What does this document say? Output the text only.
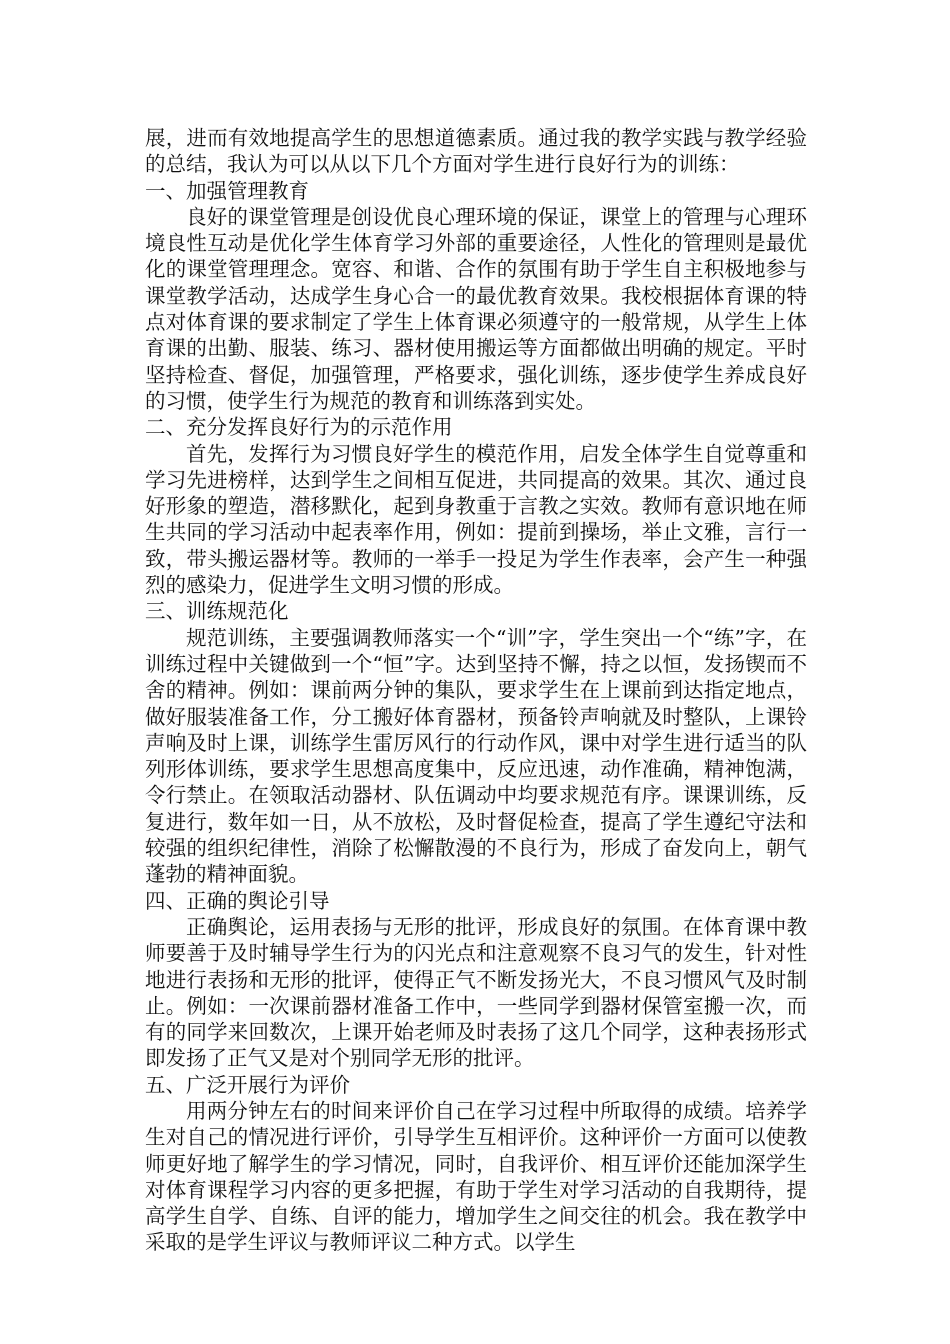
展，进而有效地提高学生的思想道德素质。通过我的教学实践与教学经验的总结，我认为可以从以下几个方面对学生进行良好行为的训练：

一、加强管理教育

良好的课堂管理是创设优良心理环境的保证，课堂上的管理与心理环境良性互动是优化学生体育学习外部的重要途径，人性化的管理则是最优化的课堂管理理念。宽容、和谐、合作的氛围有助于学生自主积极地参与课堂教学活动，达成学生身心合一的最优教育效果。我校根据体育课的特点对体育课的要求制定了学生上体育课必须遵守的一般常规，从学生上体育课的出勤、服装、练习、器材使用搬运等方面都做出明确的规定。平时坚持检查、督促，加强管理，严格要求，强化训练，逐步使学生养成良好的习惯，使学生行为规范的教育和训练落到实处。

二、充分发挥良好行为的示范作用

首先，发挥行为习惯良好学生的模范作用，启发全体学生自觉尊重和学习先进榜样，达到学生之间相互促进，共同提高的效果。其次、通过良好形象的塑造，潜移默化，起到身教重于言教之实效。教师有意识地在师生共同的学习活动中起表率作用，例如：提前到操场，举止文雅，言行一致，带头搬运器材等。教师的一举手一投足为学生作表率，会产生一种强烈的感染力，促进学生文明习惯的形成。

三、训练规范化

规范训练，主要强调教师落实一个“训”字，学生突出一个“练”字，在训练过程中关键做到一个“恒”字。达到坚持不懈，持之以恒，发扬锲而不舍的精神。例如：课前两分钟的集队，要求学生在上课前到达指定地点，做好服装准备工作，分工搬好体育器材，预备铃声响就及时整队，上课铃声响及时上课，训练学生雷厉风行的行动作风，课中对学生进行适当的队列形体训练，要求学生思想高度集中，反应迅速，动作准确，精神饱满，令行禁止。在领取活动器材、队伍调动中均要求规范有序。课课训练，反复进行，数年如一日，从不放松，及时督促检查，提高了学生遵纪守法和较强的组织纪律性，消除了松懈散漫的不良行为，形成了奋发向上，朝气蓬勃的精神面貌。

四、正确的舆论引导

正确舆论，运用表扬与无形的批评，形成良好的氛围。在体育课中教师要善于及时辅导学生行为的闪光点和注意观察不良习气的发生，针对性地进行表扬和无形的批评，使得正气不断发扬光大，不良习惯风气及时制止。例如：一次课前器材准备工作中，一些同学到器材保管室搬一次，而有的同学来回数次，上课开始老师及时表扬了这几个同学，这种表扬形式即发扬了正气又是对个别同学无形的批评。

五、广泛开展行为评价

用两分钟左右的时间来评价自己在学习过程中所取得的成绩。培养学生对自己的情况进行评价，引导学生互相评价。这种评价一方面可以使教师更好地了解学生的学习情况，同时，自我评价、相互评价还能加深学生对体育课程学习内容的更多把握，有助于学生对学习活动的自我期待，提高学生自学、自练、自评的能力，增加学生之间交往的机会。我在教学中采取的是学生评议与教师评议二种方式。以学生
